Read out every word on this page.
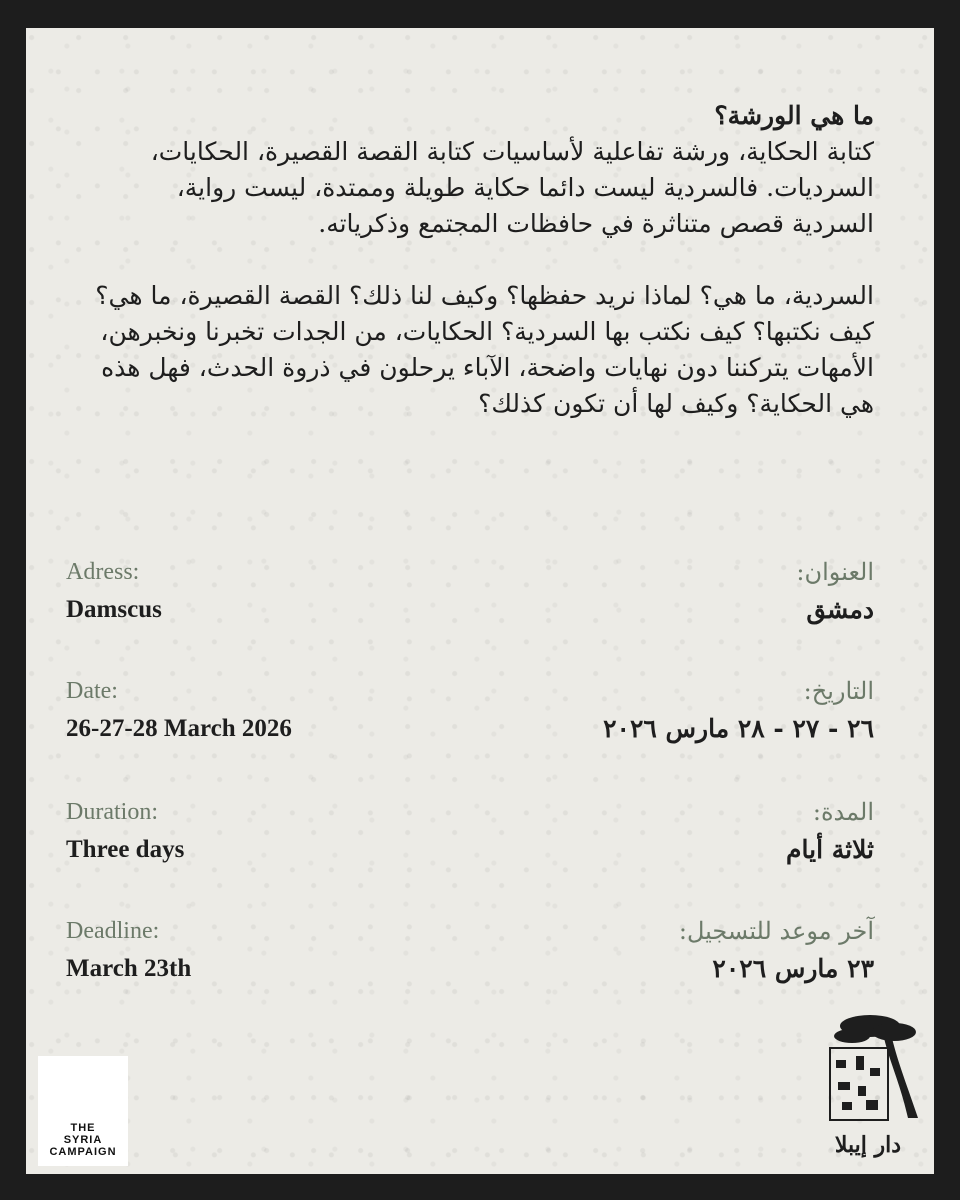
ما هي الورشة؟

كتابة الحكاية، ورشة تفاعلية لأساسيات كتابة القصة القصيرة، الحكايات، السرديات. فالسردية ليست دائما حكاية طويلة وممتدة، ليست رواية، السردية قصص متناثرة في حافظات المجتمع وذكرياته.

السردية، ما هي؟ لماذا نريد حفظها؟ وكيف لنا ذلك؟ القصة القصيرة، ما هي؟ كيف نكتبها؟ كيف نكتب بها السردية؟ الحكايات، من الجدات تخبرنا ونخبرهن، الأمهات يتركننا دون نهايات واضحة، الآباء يرحلون في ذروة الحدث، فهل هذه هي الحكاية؟ وكيف لها أن تكون كذلك؟

Adress:
Damscus
العنوان:
دمشق
Date:
26-27-28 March 2026
التاريخ:
٢٦ - ٢٧ - ٢٨ مارس ٢٠٢٦
Duration:
Three days
المدة:
ثلاثة أيام
Deadline:
March 23th
آخر موعد للتسجيل:
٢٣ مارس ٢٠٢٦
THE
SYRIA
CAMPAIGN	دار إيبلا
